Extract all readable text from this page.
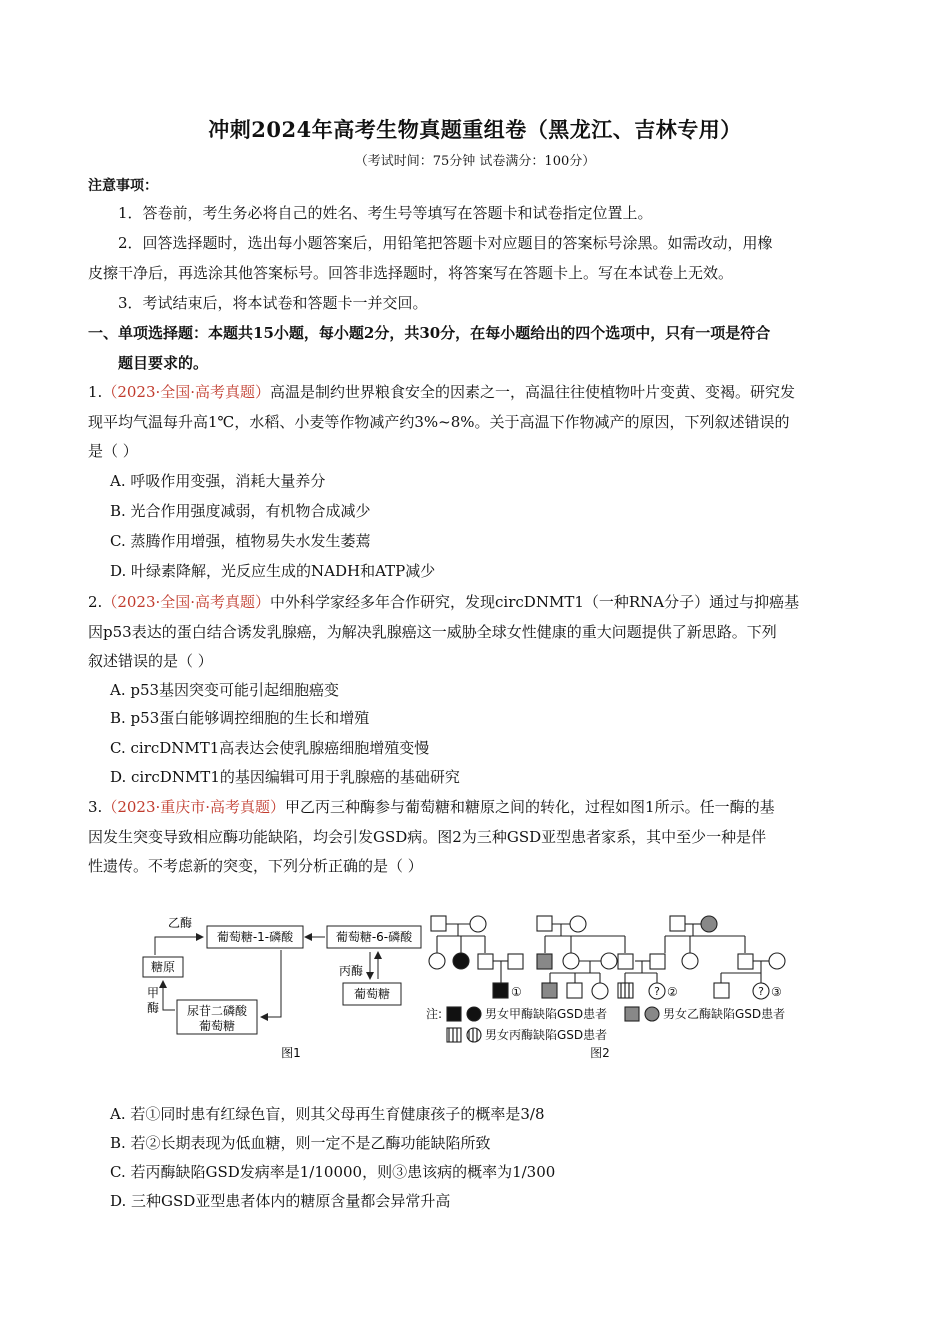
冲刺2024年高考生物真题重组卷（黑龙江、吉林专用）
（考试时间：75分钟 试卷满分：100分）
注意事项：
1．答卷前，考生务必将自己的姓名、考生号等填写在答题卡和试卷指定位置上。
2．回答选择题时，选出每小题答案后，用铅笔把答题卡对应题目的答案标号涂黑。如需改动，用橡
皮擦干净后，再选涂其他答案标号。回答非选择题时，将答案写在答题卡上。写在本试卷上无效。
3．考试结束后，将本试卷和答题卡一并交回。
一、单项选择题：本题共15小题，每小题2分，共30分，在每小题给出的四个选项中，只有一项是符合
题目要求的。
1.（2023·全国·高考真题）高温是制约世界粮食安全的因素之一，高温往往使植物叶片变黄、变褐。研究发
现平均气温每升高1℃，水稻、小麦等作物减产约3%~8%。关于高温下作物减产的原因，下列叙述错误的
是（ ）
A. 呼吸作用变强，消耗大量养分
B. 光合作用强度减弱，有机物合成减少
C. 蒸腾作用增强，植物易失水发生萎蔫
D. 叶绿素降解，光反应生成的NADH和ATP减少
2.（2023·全国·高考真题）中外科学家经多年合作研究，发现circDNMT1（一种RNA分子）通过与抑癌基
因p53表达的蛋白结合诱发乳腺癌，为解决乳腺癌这一威胁全球女性健康的重大问题提供了新思路。下列
叙述错误的是（ ）
A. p53基因突变可能引起细胞癌变
B. p53蛋白能够调控细胞的生长和增殖
C. circDNMT1高表达会使乳腺癌细胞增殖变慢
D. circDNMT1的基因编辑可用于乳腺癌的基础研究
3.（2023·重庆市·高考真题）甲乙丙三种酶参与葡萄糖和糖原之间的转化，过程如图1所示。任一酶的基
因发生突变导致相应酶功能缺陷，均会引发GSD病。图2为三种GSD亚型患者家系，其中至少一种是伴
性遗传。不考虑新的突变，下列分析正确的是（ ）
乙酶
葡萄糖-1-磷酸	葡萄糖-6-磷酸
糖原
甲
酶 尿苷二磷酸
葡萄糖
丙酶
葡萄糖
图1
①	? ②	? ③
注:	男女甲酶缺陷GSD患者	男女乙酶缺陷GSD患者
男女丙酶缺陷GSD患者
图2
A. 若①同时患有红绿色盲，则其父母再生育健康孩子的概率是3/8
B. 若②长期表现为低血糖，则一定不是乙酶功能缺陷所致
C. 若丙酶缺陷GSD发病率是1/10000，则③患该病的概率为1/300
D. 三种GSD亚型患者体内的糖原含量都会异常升高
